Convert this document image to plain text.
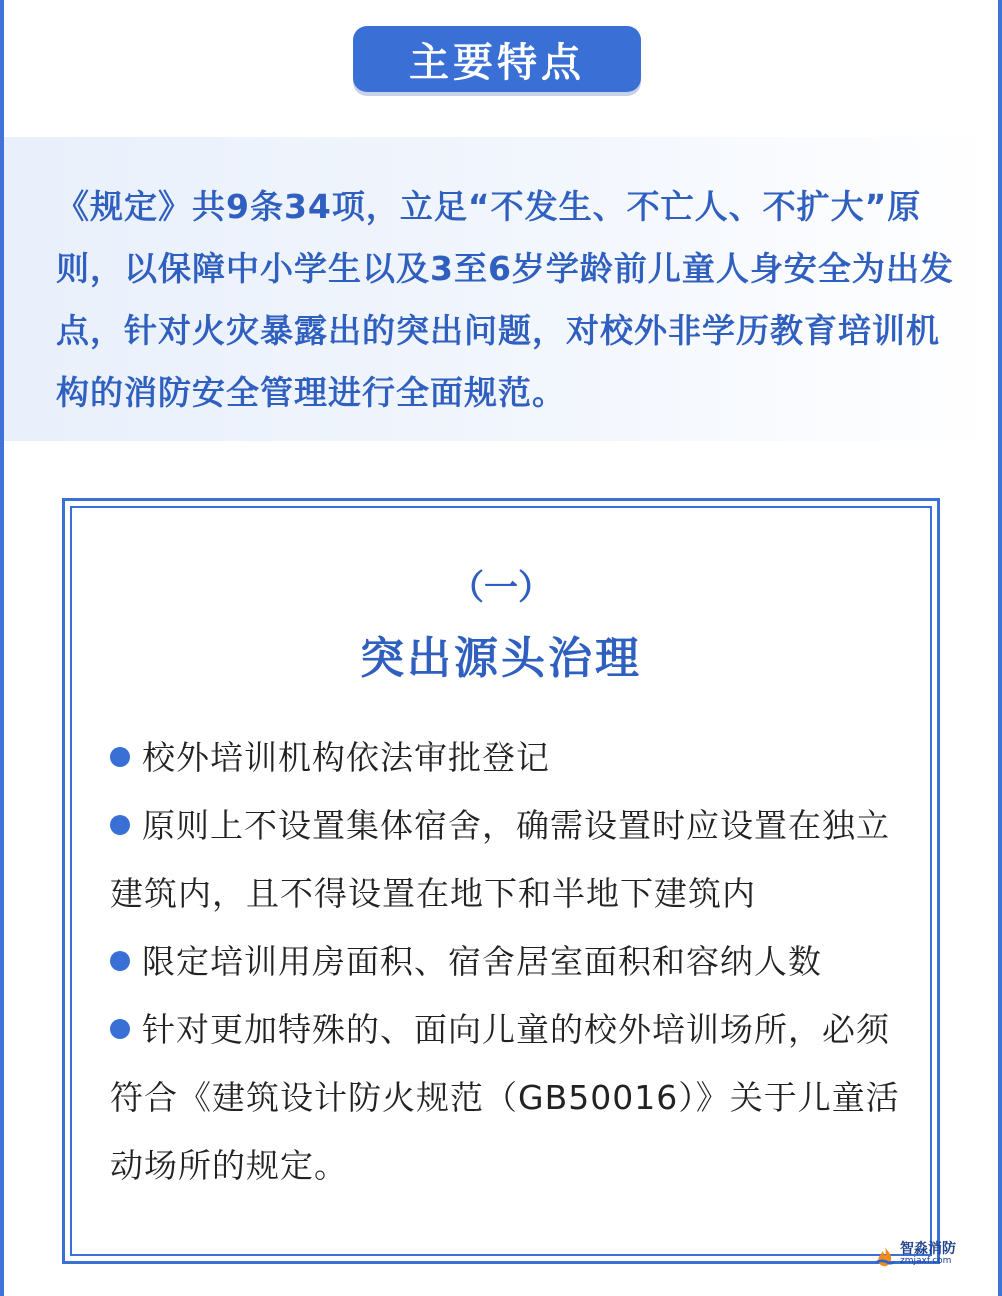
主要特点

《规定》共9条34项，立足“不发生、不亡人、不扩大”原则，以保障中小学生以及3至6岁学龄前儿童人身安全为出发点，针对火灾暴露出的突出问题，对校外非学历教育培训机构的消防安全管理进行全面规范。

（一）
突出源头治理
校外培训机构依法审批登记
原则上不设置集体宿舍，确需设置时应设置在独立建筑内，且不得设置在地下和半地下建筑内
限定培训用房面积、宿舍居室面积和容纳人数
针对更加特殊的、面向儿童的校外培训场所，必须符合《建筑设计防火规范（GB50016）》关于儿童活动场所的规定。
智淼消防
zmjaxf.com
